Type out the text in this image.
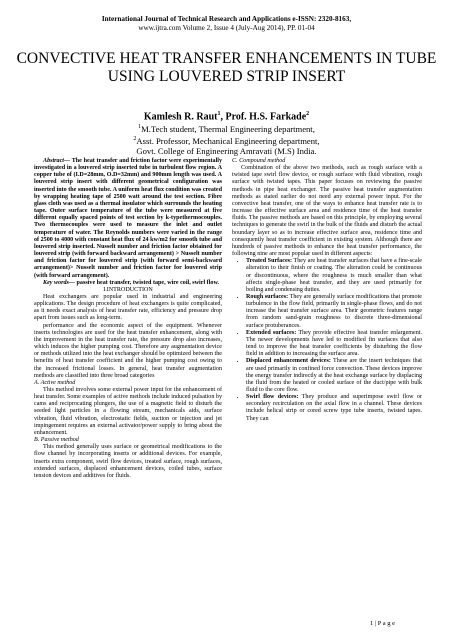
International Journal of Technical Research and Applications e-ISSN: 2320-8163,
www.ijtra.com Volume 2, Issue 4 (July-Aug 2014), PP. 01-04
CONVECTIVE HEAT TRANSFER ENHANCEMENTS IN TUBE USING LOUVERED STRIP INSERT
Kamlesh R. Raut$^1$, Prof. H.S. Farkade$^2$
$^1$M.Tech student, Thermal Engineering department,
$^2$Asst. Professor, Mechanical Engineering department,
Govt. College of Engineering Amravati (M.S) India.

Abstract— The heat transfer and friction factor were experimentally investigated in a louvered strip inserted tube in turbulent flow region. A copper tube of (I.D=28mm, O.D=32mm) and 900mm length was used. A louvered strip insert with different geometrical configuration was inserted into the smooth tube. A uniform heat flux condition was created by wrapping heating tape of 2500 watt around the test section. Fibre glass cloth was used as a thermal insulator which surrounds the heating tape. Outer surface temperature of the tube were measured at five different equally spaced points of test section by k-typethermocouples. Two thermocouples were used to measure the inlet and outlet temperature of water. The Reynolds numbers were varied in the range of 2500 to 4000 with constant heat flux of 24 kw/m2 for smooth tube and louvered strip inserted. Nusselt number and friction factor obtained for louvered strip (with forward backward arrangement) > Nusselt number and friction factor for louvered strip (with forward semi-backward arrangement)> Nusselt number and friction factor for louvered strip (with forward arrangement).

Key words— passive heat transfer, twisted tape, wire coil, swirl flow.

I.INTRODUCTION

Heat exchangers are popular used in industrial and engineering applications. The design procedure of heat exchangers is quite complicated, as it needs exact analysis of heat transfer rate, efficiency and pressure drop apart from issues such as long-term.

performance and the economic aspect of the equipment. Whenever inserts technologies are used for the heat transfer enhancement, along with the improvement in the heat transfer rate, the pressure drop also increases, which induces the higher pumping cost. Therefore any augmentation device or methods utilized into the heat exchanger should be optimized between the benefits of heat transfer coefficient and the higher pumping cost owing to the increased frictional losses. In general, heat transfer augmentation methods are classified into three broad categories

A. Active method

This method involves some external power input for the enhancement of heat transfer. Some examples of active methods include induced pulsation by cams and reciprocating plungers, the use of a magnetic field to disturb the seeded light particles in a flowing stream, mechanicals aids, surface vibration, fluid vibration, electrostatic fields, suction or injection and jet impingement requires an external activator/power supply to bring about the enhancement.

B. Passive method

This method generally uses surface or geometrical modifications to the flow channel by incorporating inserts or additional devices. For example, inserts extra component, swirl flow devices, treated surface, rough surfaces, extended surfaces, displaced enhancement devices, coiled tubes, surface tension devices and additives for fluids.

C. Compound method

Combination of the above two methods, such as rough surface with a twisted tape swirl flow device, or rough surface with fluid vibration, rough surface with twisted tapes. This paper focuses on reviewing the passive methods in pipe heat exchanger. The passive heat transfer augmentation methods as stated earlier do not need any external power input. For the convective heat transfer, one of the ways to enhance heat transfer rate is to increase the effective surface area and residence time of the heat transfer fluids. The passive methods are based on this principle, by employing several techniques to generate the swirl in the bulk of the fluids and disturb the actual boundary layer so as to increase effective surface area, residence time and consequently heat transfer coefficient in existing system. Although there are hundreds of passive methods to enhance the heat transfer performance, the following nine are most popular used in different aspects:

• Treated Surfaces: They are heat transfer surfaces that have a fine-scale alteration to their finish or coating. The alteration could be continuous or discontinuous, where the roughness is much smaller than what affects single-phase heat transfer, and they are used primarily for boiling and condensing duties.
• Rough surfaces: They are generally surface modifications that promote turbulence in the flow field, primarily in single-phase flows, and do not increase the heat transfer surface area. Their geometric features range from random sand-grain roughness to discrete three-dimensional surface protuberances.
• Extended surfaces: They provide effective heat transfer enlargement. The newer developments have led to modified fin surfaces that also tend to improve the heat transfer coefficients by disturbing the flow field in addition to increasing the surface area.
• Displaced enhancement devices: These are the insert techniques that are used primarily in confined force convection. These devices improve the energy transfer indirectly at the heat exchange surface by displacing the fluid from the heated or cooled surface of the duct/pipe with bulk fluid to the core flow.
• Swirl flow devices: They produce and superimpose swirl flow or secondary recirculation on the axial flow in a channel. These devices include helical strip or cored screw type tube inserts, twisted tapes. They can
1 | P a g e
